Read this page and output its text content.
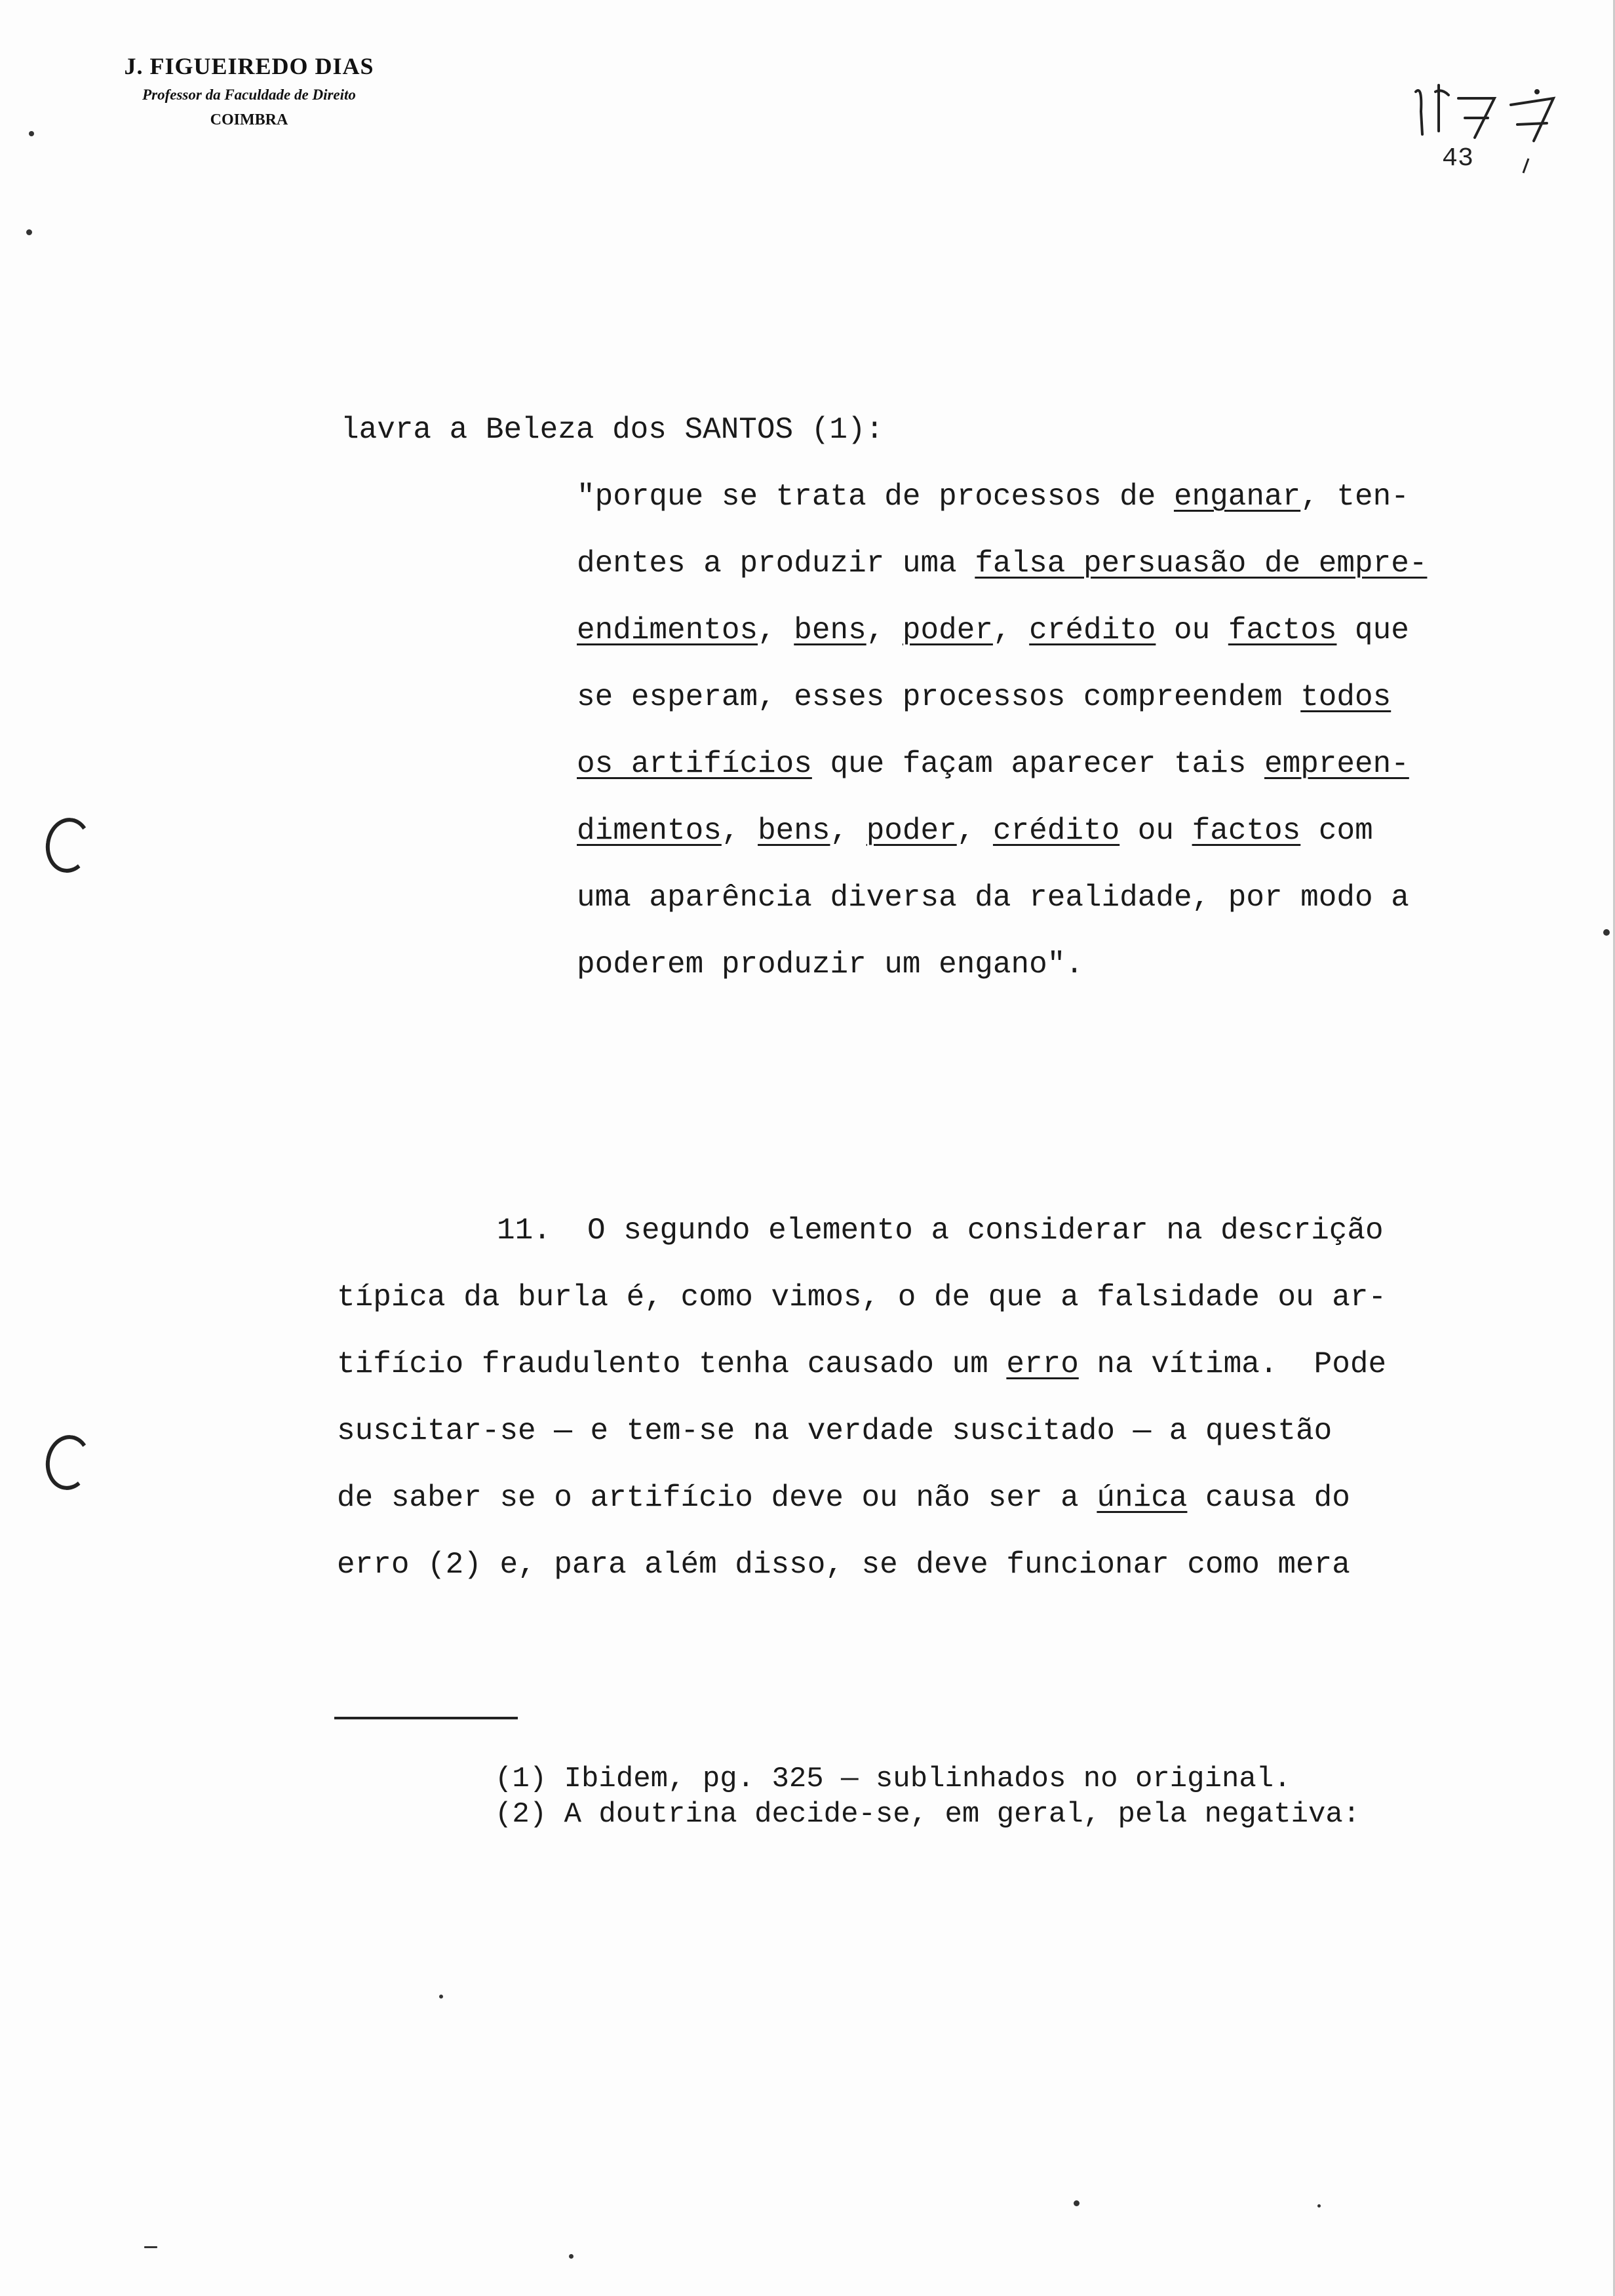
J. FIGUEIREDO DIAS
Professor da Faculdade de Direito
COIMBRA
43
lavra a Beleza dos SANTOS (1):

"porque se trata de processos de enganar, ten-

dentes a produzir uma falsa persuasão de empre-

endimentos, bens, poder, crédito ou factos que

se esperam, esses processos compreendem todos

os artifícios que façam aparecer tais empreen-

dimentos, bens, poder, crédito ou factos com

uma aparência diversa da realidade, por modo a

poderem produzir um engano".

11.  O segundo elemento a considerar na descrição

típica da burla é, como vimos, o de que a falsidade ou ar-

tifício fraudulento tenha causado um erro na vítima.  Pode

suscitar-se — e tem-se na verdade suscitado — a questão

de saber se o artifício deve ou não ser a única causa do

erro (2) e, para além disso, se deve funcionar como mera

(1) Ibidem, pg. 325 — sublinhados no original.

(2) A doutrina decide-se, em geral, pela negativa:
